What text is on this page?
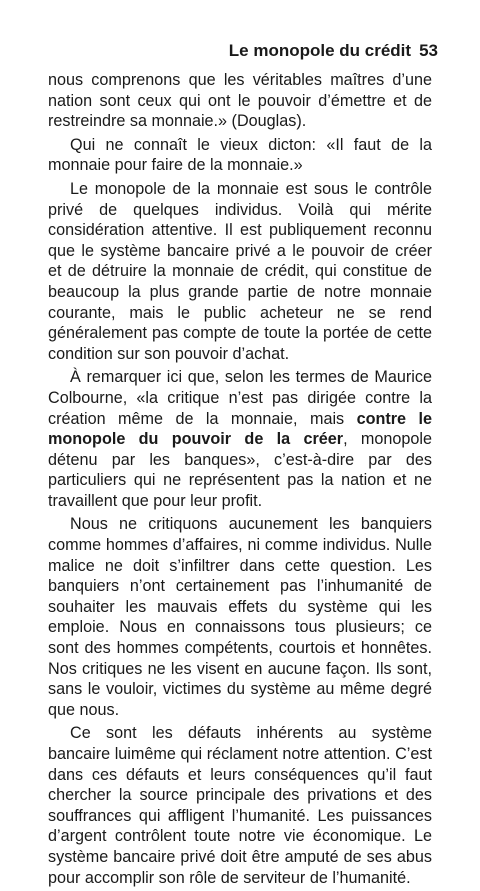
Le monopole du crédit 53

nous comprenons que les véritables maîtres d’une nation sont ceux qui ont le pouvoir d’émettre et de restreindre sa monnaie.» (Douglas).

Qui ne connaît le vieux dicton: «Il faut de la monnaie pour faire de la monnaie.»

Le monopole de la monnaie est sous le contrôle privé de quelques individus. Voilà qui mérite considération attentive. Il est publiquement reconnu que le système bancaire privé a le pouvoir de créer et de détruire la monnaie de crédit, qui constitue de beaucoup la plus grande partie de notre monnaie courante, mais le public acheteur ne se rend généralement pas compte de toute la portée de cette condition sur son pouvoir d’achat.

À remarquer ici que, selon les termes de Maurice Colbourne, «la critique n’est pas dirigée contre la création même de la monnaie, mais contre le monopole du pouvoir de la créer, monopole détenu par les banques», c’est-à-dire par des particuliers qui ne représentent pas la nation et ne travaillent que pour leur profit.

Nous ne critiquons aucunement les banquiers comme hommes d’affaires, ni comme individus. Nulle malice ne doit s’infiltrer dans cette question. Les banquiers n’ont certainement pas l’inhumanité de souhaiter les mauvais effets du système qui les emploie. Nous en connaissons tous plusieurs; ce sont des hommes compétents, courtois et honnêtes. Nos critiques ne les visent en aucune façon. Ils sont, sans le vouloir, victimes du système au même degré que nous.

Ce sont les défauts inhérents au système bancaire luimême qui réclament notre attention. C’est dans ces défauts et leurs conséquences qu’il faut chercher la source principale des privations et des souffrances qui affligent l’humanité. Les puissances d’argent contrôlent toute notre vie économique. Le système bancaire privé doit être amputé de ses abus pour accomplir son rôle de serviteur de l’humanité.
